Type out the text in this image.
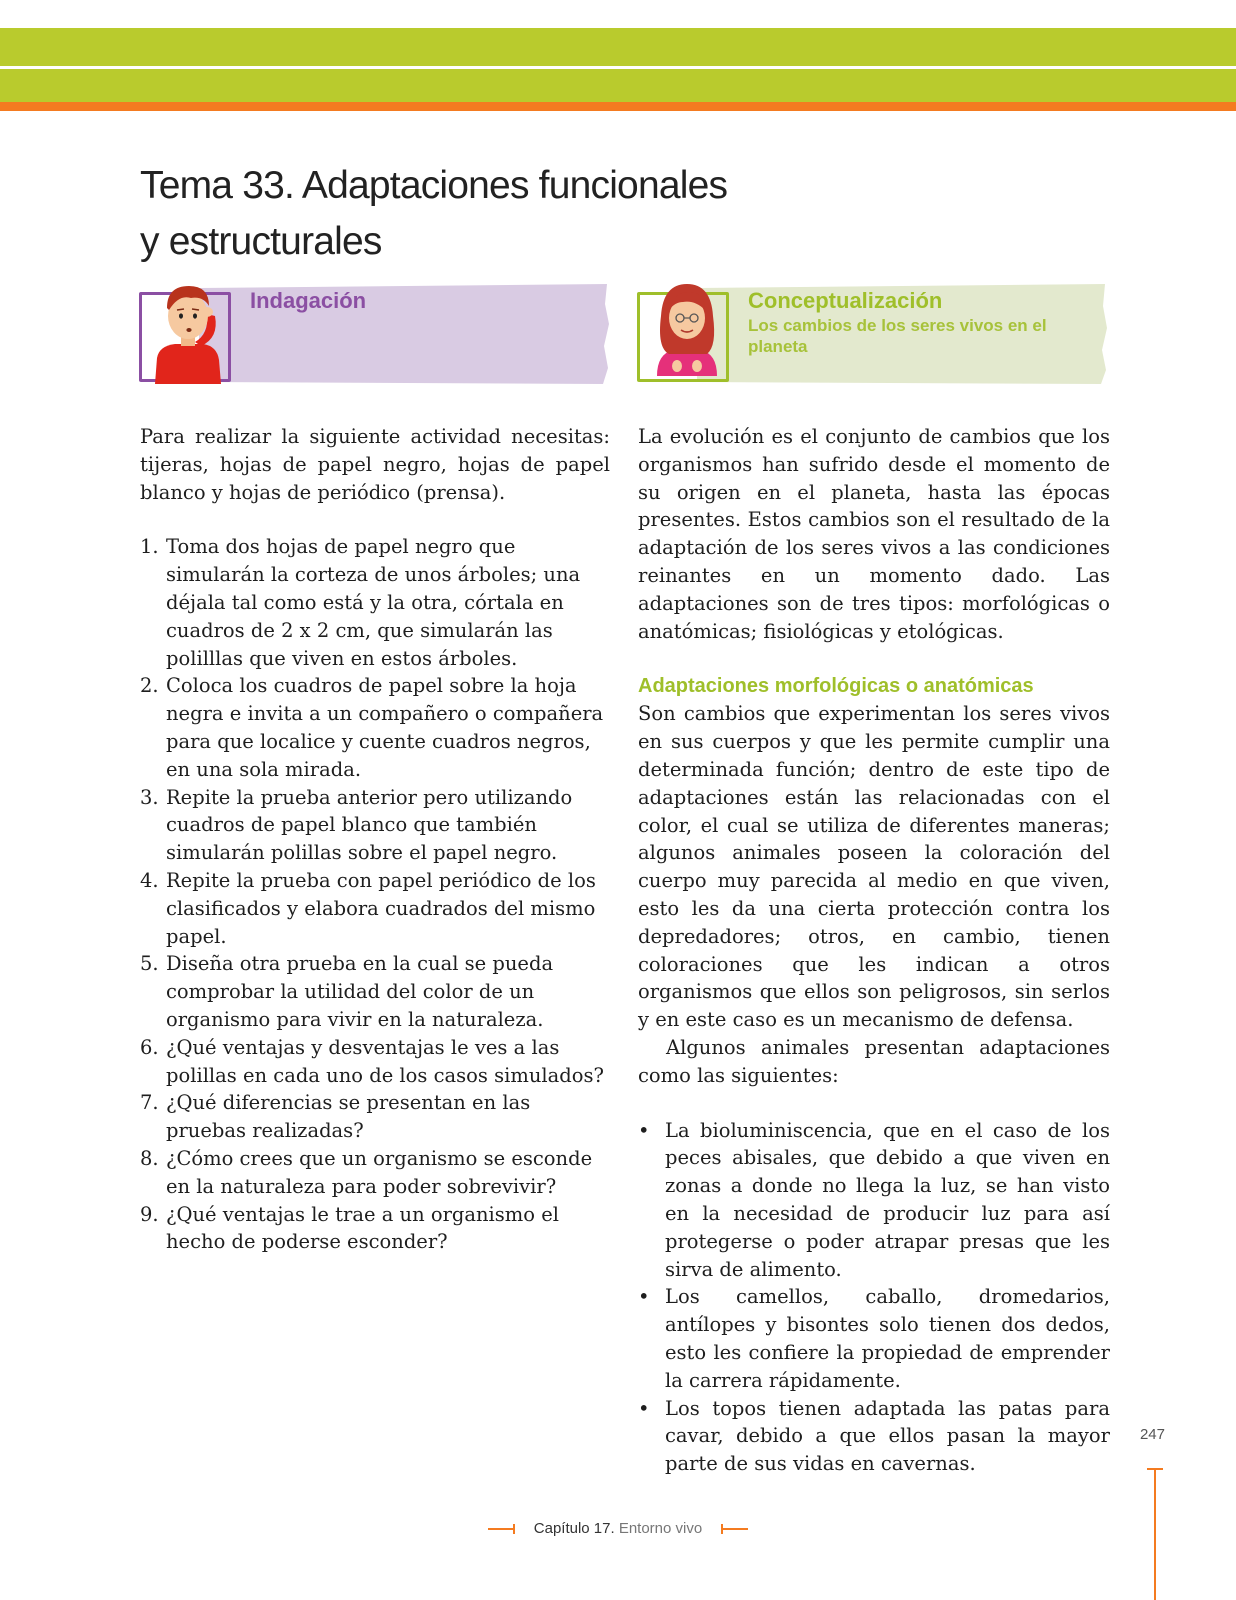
Tema 33. Adaptaciones funcionales
y estructurales
Indagación	Conceptualización
Los cambios de los seres vivos en el planeta

Para realizar la siguiente actividad necesitas: tijeras, hojas de papel negro, hojas de papel blanco y hojas de periódico (prensa).

1. Toma dos hojas de papel negro que simularán la corteza de unos árboles; una déjala tal como está y la otra, córtala en cuadros de 2 x 2 cm, que simularán las polilllas que viven en estos árboles.
2. Coloca los cuadros de papel sobre la hoja negra e invita a un compañero o compañera para que localice y cuente cuadros negros, en una sola mirada.
3. Repite la prueba anterior pero utilizando cuadros de papel blanco que también simularán polillas sobre el papel negro.
4. Repite la prueba con papel periódico de los clasificados y elabora cuadrados del mismo papel.
5. Diseña otra prueba en la cual se pueda comprobar la utilidad del color de un organismo para vivir en la naturaleza.
6. ¿Qué ventajas y desventajas le ves a las polillas en cada uno de los casos simulados?
7. ¿Qué diferencias se presentan en las pruebas realizadas?
8. ¿Cómo crees que un organismo se esconde en la naturaleza para poder sobrevivir?
9. ¿Qué ventajas le trae a un organismo el hecho de poderse esconder?

La evolución es el conjunto de cambios que los organismos han sufrido desde el momento de su origen en el planeta, hasta las épocas presentes. Estos cambios son el resultado de la adaptación de los seres vivos a las condiciones reinantes en un momento dado. Las adaptaciones son de tres tipos: morfológicas o anatómicas; fisiológicas y etológicas.

Adaptaciones morfológicas o anatómicas

Son cambios que experimentan los seres vivos en sus cuerpos y que les permite cumplir una determinada función; dentro de este tipo de adaptaciones están las relacionadas con el color, el cual se utiliza de diferentes maneras; algunos animales poseen la coloración del cuerpo muy parecida al medio en que viven, esto les da una cierta protección contra los depredadores; otros, en cambio, tienen coloraciones que les indican a otros organismos que ellos son peligrosos, sin serlos y en este caso es un mecanismo de defensa.

Algunos animales presentan adaptaciones como las siguientes:

• La bioluminiscencia, que en el caso de los peces abisales, que debido a que viven en zonas a donde no llega la luz, se han visto en la necesidad de producir luz para así protegerse o poder atrapar presas que les sirva de alimento.
• Los camellos, caballo, dromedarios, antílopes y bisontes solo tienen dos dedos, esto les confiere la propiedad de emprender la carrera rápidamente.
• Los topos tienen adaptada las patas para cavar, debido a que ellos pasan la mayor parte de sus vidas en cavernas.
247
Capítulo 17. Entorno vivo
